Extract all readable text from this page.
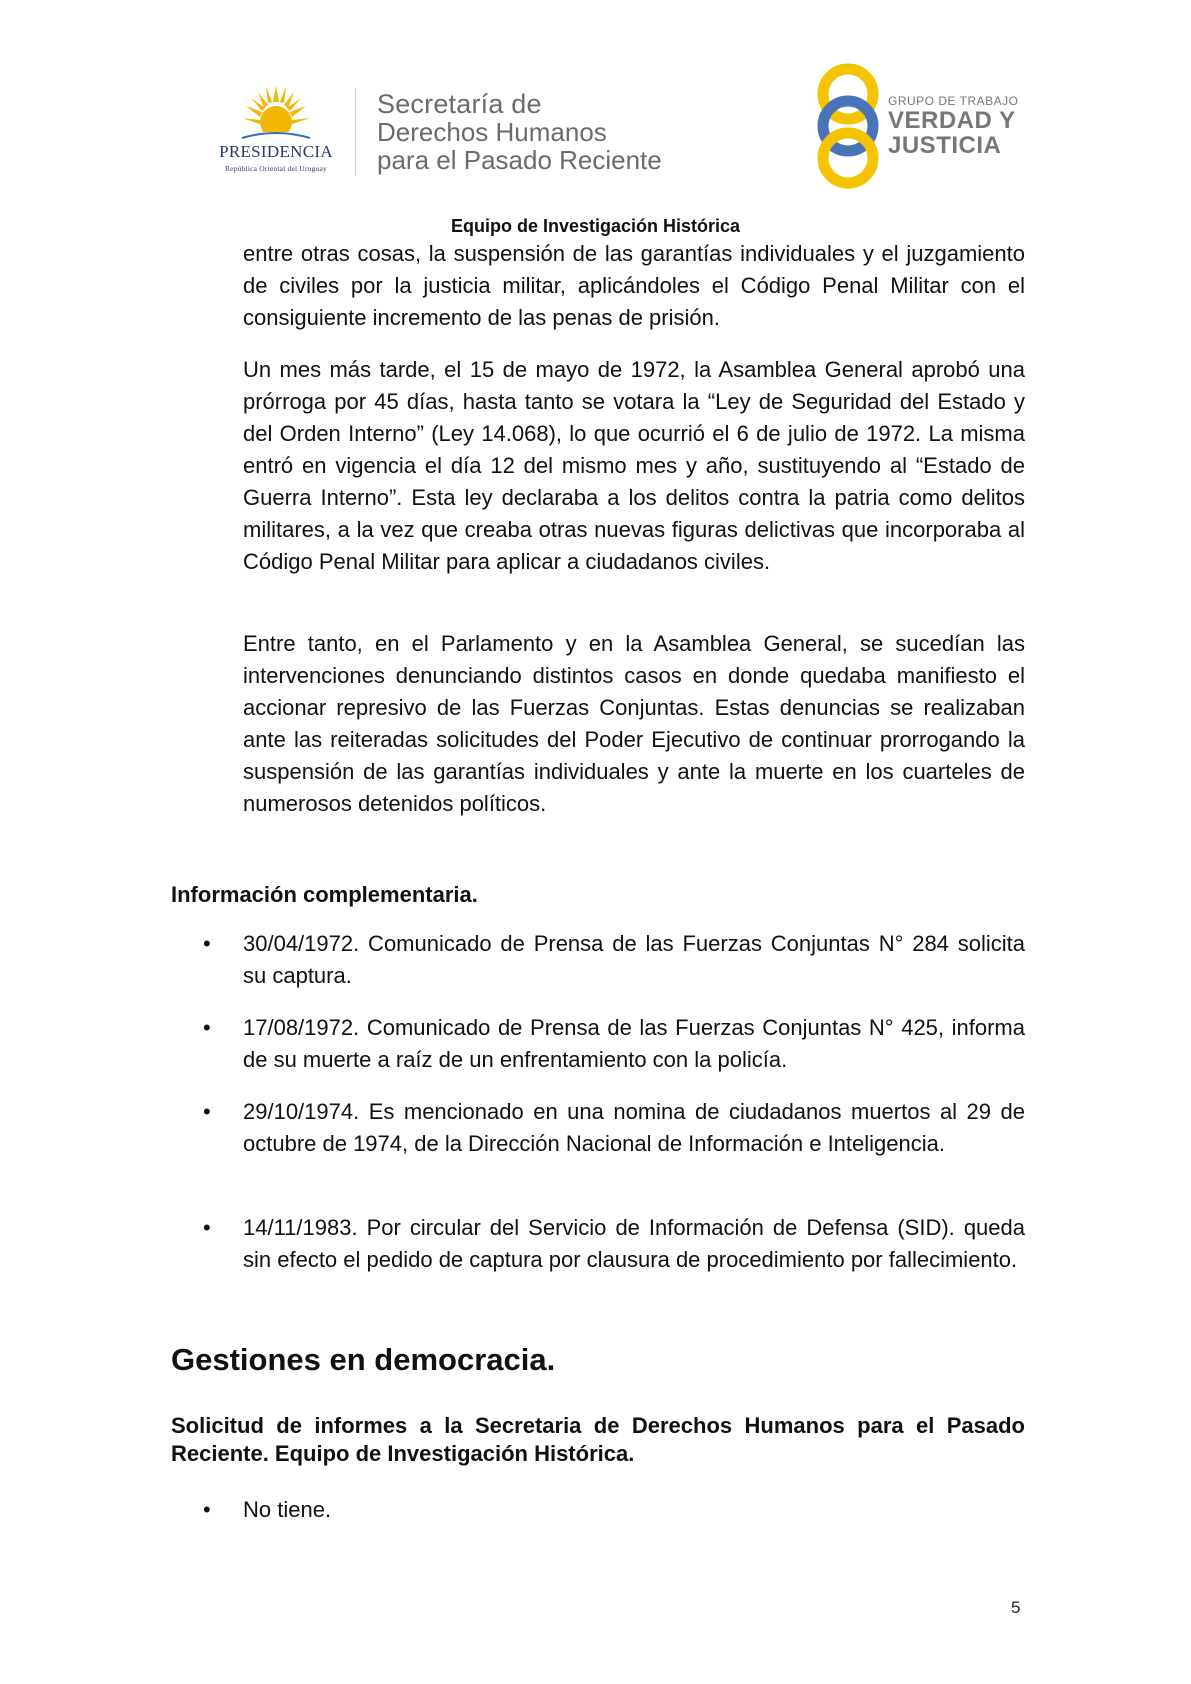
PRESIDENCIA
República Oriental del Uruguay
Secretaría de
Derechos Humanos
para el Pasado Reciente
GRUPO DE TRABAJO
VERDAD Y
JUSTICIA
Equipo de Investigación Histórica

entre otras cosas, la suspensión de las garantías individuales y el juzgamiento de civiles por la justicia militar, aplicándoles el Código Penal Militar con el consiguiente incremento de las penas de prisión.

Un mes más tarde, el 15 de mayo de 1972, la Asamblea General aprobó una prórroga por 45 días, hasta tanto se votara la “Ley de Seguridad del Estado y del Orden Interno” (Ley 14.068), lo que ocurrió el 6 de julio de 1972. La misma entró en vigencia el día 12 del mismo mes y año, sustituyendo al “Estado de Guerra Interno”. Esta ley declaraba a los delitos contra la patria como delitos militares, a la vez que creaba otras nuevas figuras delictivas que incorporaba al Código Penal Militar para aplicar a ciudadanos civiles.

Entre tanto, en el Parlamento y en la Asamblea General, se sucedían las intervenciones denunciando distintos casos en donde quedaba manifiesto el accionar represivo de las Fuerzas Conjuntas. Estas denuncias se realizaban ante las reiteradas solicitudes del Poder Ejecutivo de continuar prorrogando la suspensión de las garantías individuales y ante la muerte en los cuarteles de numerosos detenidos políticos.

Información complementaria.

• 30/04/1972. Comunicado de Prensa de las Fuerzas Conjuntas N° 284 solicita su captura.

• 17/08/1972. Comunicado de Prensa de las Fuerzas Conjuntas N° 425, informa de su muerte a raíz de un enfrentamiento con la policía.

• 29/10/1974. Es mencionado en una nomina de ciudadanos muertos al 29 de octubre de 1974, de la Dirección Nacional de Información e Inteligencia.

• 14/11/1983. Por circular del Servicio de Información de Defensa (SID). queda sin efecto el pedido de captura por clausura de procedimiento por fallecimiento.

Gestiones en democracia.

Solicitud de informes a la Secretaria de Derechos Humanos para el Pasado Reciente. Equipo de Investigación Histórica.

• No tiene.

5
